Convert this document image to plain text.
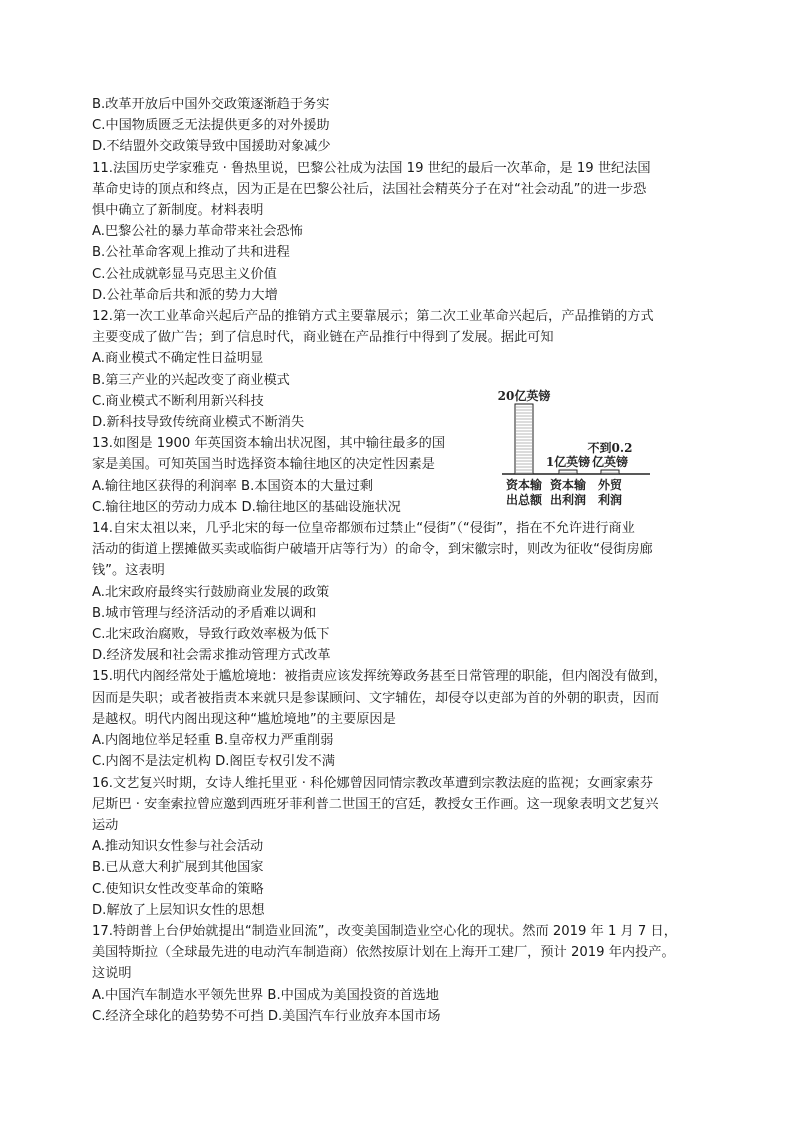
B.改革开放后中国外交政策逐渐趋于务实
C.中国物质匮乏无法提供更多的对外援助
D.不结盟外交政策导致中国援助对象减少
11.法国历史学家雅克 · 鲁热里说，巴黎公社成为法国 19 世纪的最后一次革命，是 19 世纪法国
革命史诗的顶点和终点，因为正是在巴黎公社后，法国社会精英分子在对“社会动乱”的进一步恐
惧中确立了新制度。材料表明
A.巴黎公社的暴力革命带来社会恐怖
B.公社革命客观上推动了共和进程
C.公社成就彰显马克思主义价值
D.公社革命后共和派的势力大增
12.第一次工业革命兴起后产品的推销方式主要靠展示；第二次工业革命兴起后，产品推销的方式
主要变成了做广告；到了信息时代，商业链在产品推行中得到了发展。据此可知
A.商业模式不确定性日益明显
B.第三产业的兴起改变了商业模式
C.商业模式不断利用新兴科技
D.新科技导致传统商业模式不断消失
13.如图是 1900 年英国资本输出状况图，其中输往最多的国
家是美国。可知英国当时选择资本输往地区的决定性因素是
A.输往地区获得的利润率 B.本国资本的大量过剩
C.输往地区的劳动力成本 D.输往地区的基础设施状况
14.自宋太祖以来，几乎北宋的每一位皇帝都颁布过禁止“侵街”（“侵街”，指在不允许进行商业
活动的街道上摆摊做买卖或临街户破墙开店等行为）的命令，到宋徽宗时，则改为征收“侵街房廊
钱”。这表明
A.北宋政府最终实行鼓励商业发展的政策
B.城市管理与经济活动的矛盾难以调和
C.北宋政治腐败，导致行政效率极为低下
D.经济发展和社会需求推动管理方式改革
15.明代内阁经常处于尴尬境地：被指责应该发挥统筹政务甚至日常管理的职能，但内阁没有做到，
因而是失职；或者被指责本来就只是参谋顾问、文字辅佐，却侵夺以吏部为首的外朝的职责，因而
是越权。明代内阁出现这种“尴尬境地”的主要原因是
A.内阁地位举足轻重 B.皇帝权力严重削弱
C.内阁不是法定机构 D.阁臣专权引发不满
16.文艺复兴时期，女诗人维托里亚 · 科伦娜曾因同情宗教改革遭到宗教法庭的监视；女画家索芬
尼斯巴 · 安奎索拉曾应邀到西班牙菲利普二世国王的宫廷，教授女王作画。这一现象表明文艺复兴
运动
A.推动知识女性参与社会活动
B.已从意大利扩展到其他国家
C.使知识女性改变革命的策略
D.解放了上层知识女性的思想
17.特朗普上台伊始就提出“制造业回流”，改变美国制造业空心化的现状。然而 2019 年 1 月 7 日，
美国特斯拉（全球最先进的电动汽车制造商）依然按原计划在上海开工建厂，预计 2019 年内投产。
这说明
A.中国汽车制造水平领先世界 B.中国成为美国投资的首选地
C.经济全球化的趋势势不可挡 D.美国汽车行业放弃本国市场
20亿英镑
资本输
出总额
1亿英镑
资本输
出利润
不到0.2
亿英镑
外贸
利润
